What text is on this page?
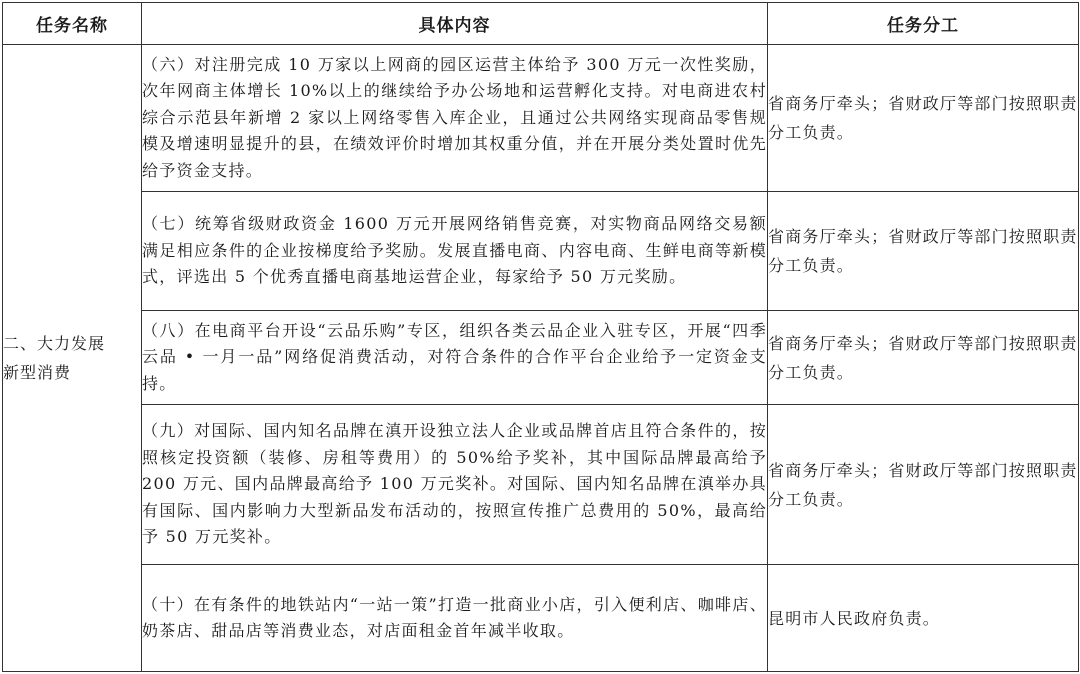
任务名称	具体内容	任务分工

二、大力发展
新型消费	（六）对注册完成 10 万家以上网商的园区运营主体给予 300 万元一次性奖励，次年网商主体增长 10%以上的继续给予办公场地和运营孵化支持。对电商进农村综合示范县年新增 2 家以上网络零售入库企业，且通过公共网络实现商品零售规模及增速明显提升的县，在绩效评价时增加其权重分值，并在开展分类处置时优先给予资金支持。	省商务厅牵头；省财政厅等部门按照职责分工负责。
	（七）统筹省级财政资金 1600 万元开展网络销售竞赛，对实物商品网络交易额满足相应条件的企业按梯度给予奖励。发展直播电商、内容电商、生鲜电商等新模式，评选出 5 个优秀直播电商基地运营企业，每家给予 50 万元奖励。	省商务厅牵头；省财政厅等部门按照职责分工负责。
	（八）在电商平台开设“云品乐购”专区，组织各类云品企业入驻专区，开展“四季云品 • 一月一品”网络促消费活动，对符合条件的合作平台企业给予一定资金支持。	省商务厅牵头；省财政厅等部门按照职责分工负责。
	（九）对国际、国内知名品牌在滇开设独立法人企业或品牌首店且符合条件的，按照核定投资额（装修、房租等费用）的 50%给予奖补，其中国际品牌最高给予 200 万元、国内品牌最高给予 100 万元奖补。对国际、国内知名品牌在滇举办具有国际、国内影响力大型新品发布活动的，按照宣传推广总费用的 50%，最高给予 50 万元奖补。	省商务厅牵头；省财政厅等部门按照职责分工负责。
	（十）在有条件的地铁站内“一站一策”打造一批商业小店，引入便利店、咖啡店、奶茶店、甜品店等消费业态，对店面租金首年减半收取。	昆明市人民政府负责。
